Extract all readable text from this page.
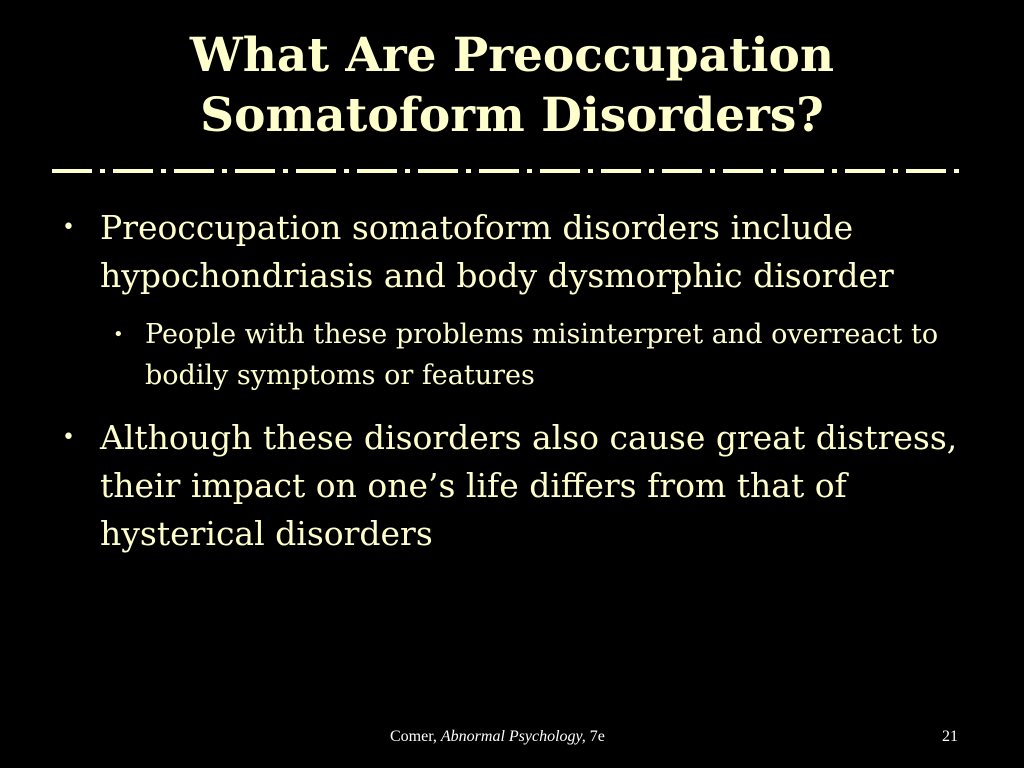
What Are Preoccupation
Somatoform Disorders?
• Preoccupation somatoform disorders include hypochondriasis and body dysmorphic disorder
• People with these problems misinterpret and overreact to bodily symptoms or features
• Although these disorders also cause great distress, their impact on one’s life differs from that of hysterical disorders
Comer, Abnormal Psychology, 7e	21
